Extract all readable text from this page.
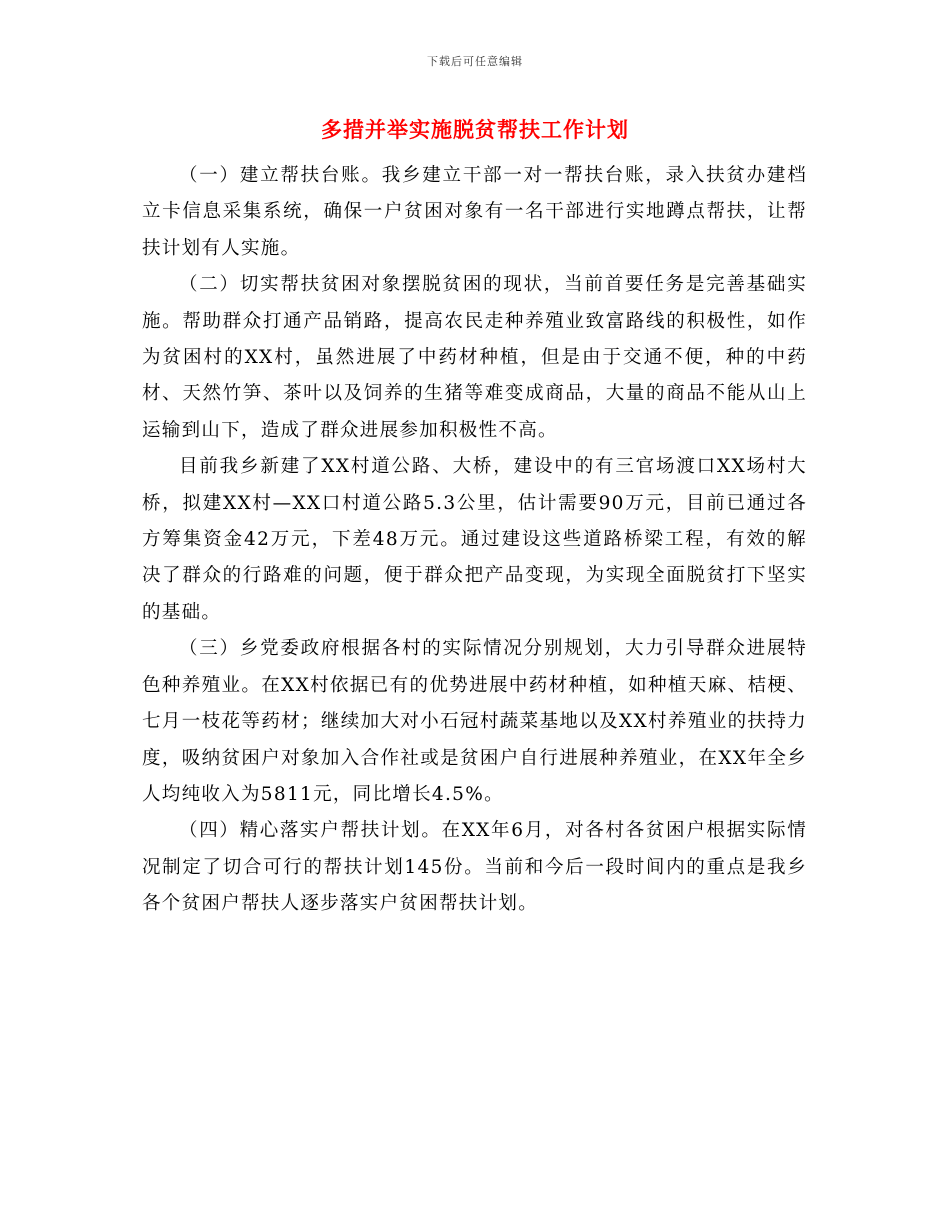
下载后可任意编辑
多措并举实施脱贫帮扶工作计划

（一）建立帮扶台账。我乡建立干部一对一帮扶台账，录入扶贫办建档立卡信息采集系统，确保一户贫困对象有一名干部进行实地蹲点帮扶，让帮扶计划有人实施。

（二）切实帮扶贫困对象摆脱贫困的现状，当前首要任务是完善基础实施。帮助群众打通产品销路，提高农民走种养殖业致富路线的积极性，如作为贫困村的XX村，虽然进展了中药材种植，但是由于交通不便，种的中药材、天然竹笋、茶叶以及饲养的生猪等难变成商品，大量的商品不能从山上运输到山下，造成了群众进展参加积极性不高。

目前我乡新建了XX村道公路、大桥，建设中的有三官场渡口XX场村大桥，拟建XX村—XX口村道公路5.3公里，估计需要90万元，目前已通过各方筹集资金42万元，下差48万元。通过建设这些道路桥梁工程，有效的解决了群众的行路难的问题，便于群众把产品变现，为实现全面脱贫打下坚实的基础。

（三）乡党委政府根据各村的实际情况分别规划，大力引导群众进展特色种养殖业。在XX村依据已有的优势进展中药材种植，如种植天麻、桔梗、七月一枝花等药材；继续加大对小石冠村蔬菜基地以及XX村养殖业的扶持力度，吸纳贫困户对象加入合作社或是贫困户自行进展种养殖业，在XX年全乡人均纯收入为5811元，同比增长4.5%。

（四）精心落实户帮扶计划。在XX年6月，对各村各贫困户根据实际情况制定了切合可行的帮扶计划145份。当前和今后一段时间内的重点是我乡各个贫困户帮扶人逐步落实户贫困帮扶计划。
